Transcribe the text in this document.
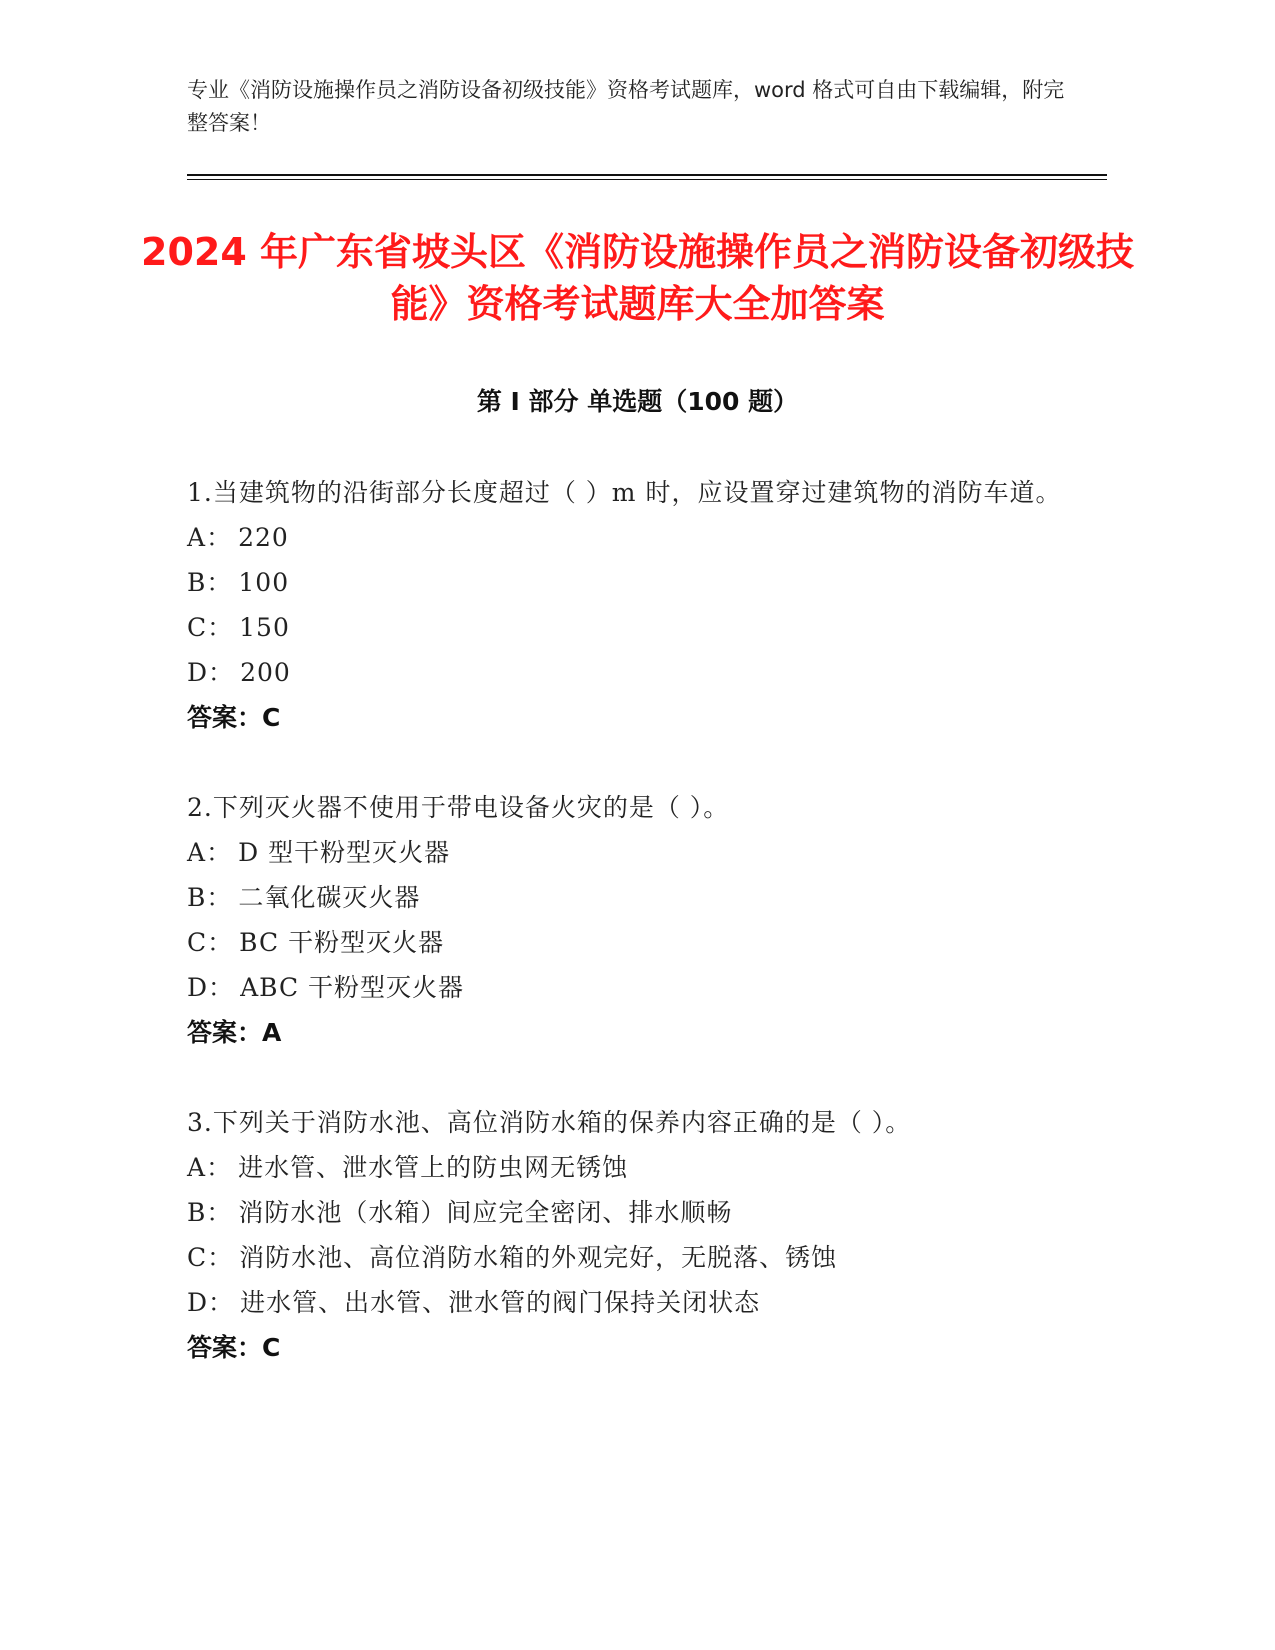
专业《消防设施操作员之消防设备初级技能》资格考试题库，word 格式可自由下载编辑，附完整答案！
2024 年广东省坡头区《消防设施操作员之消防设备初级技能》资格考试题库大全加答案
第 I 部分 单选题（100 题）
1.当建筑物的沿街部分长度超过（ ）m 时，应设置穿过建筑物的消防车道。
A： 220
B： 100
C： 150
D： 200
答案：C
2.下列灭火器不使用于带电设备火灾的是（ ）。
A： D 型干粉型灭火器
B： 二氧化碳灭火器
C： BC 干粉型灭火器
D： ABC 干粉型灭火器
答案：A
3.下列关于消防水池、高位消防水箱的保养内容正确的是（ ）。
A： 进水管、泄水管上的防虫网无锈蚀
B： 消防水池（水箱）间应完全密闭、排水顺畅
C： 消防水池、高位消防水箱的外观完好，无脱落、锈蚀
D： 进水管、出水管、泄水管的阀门保持关闭状态
答案：C
